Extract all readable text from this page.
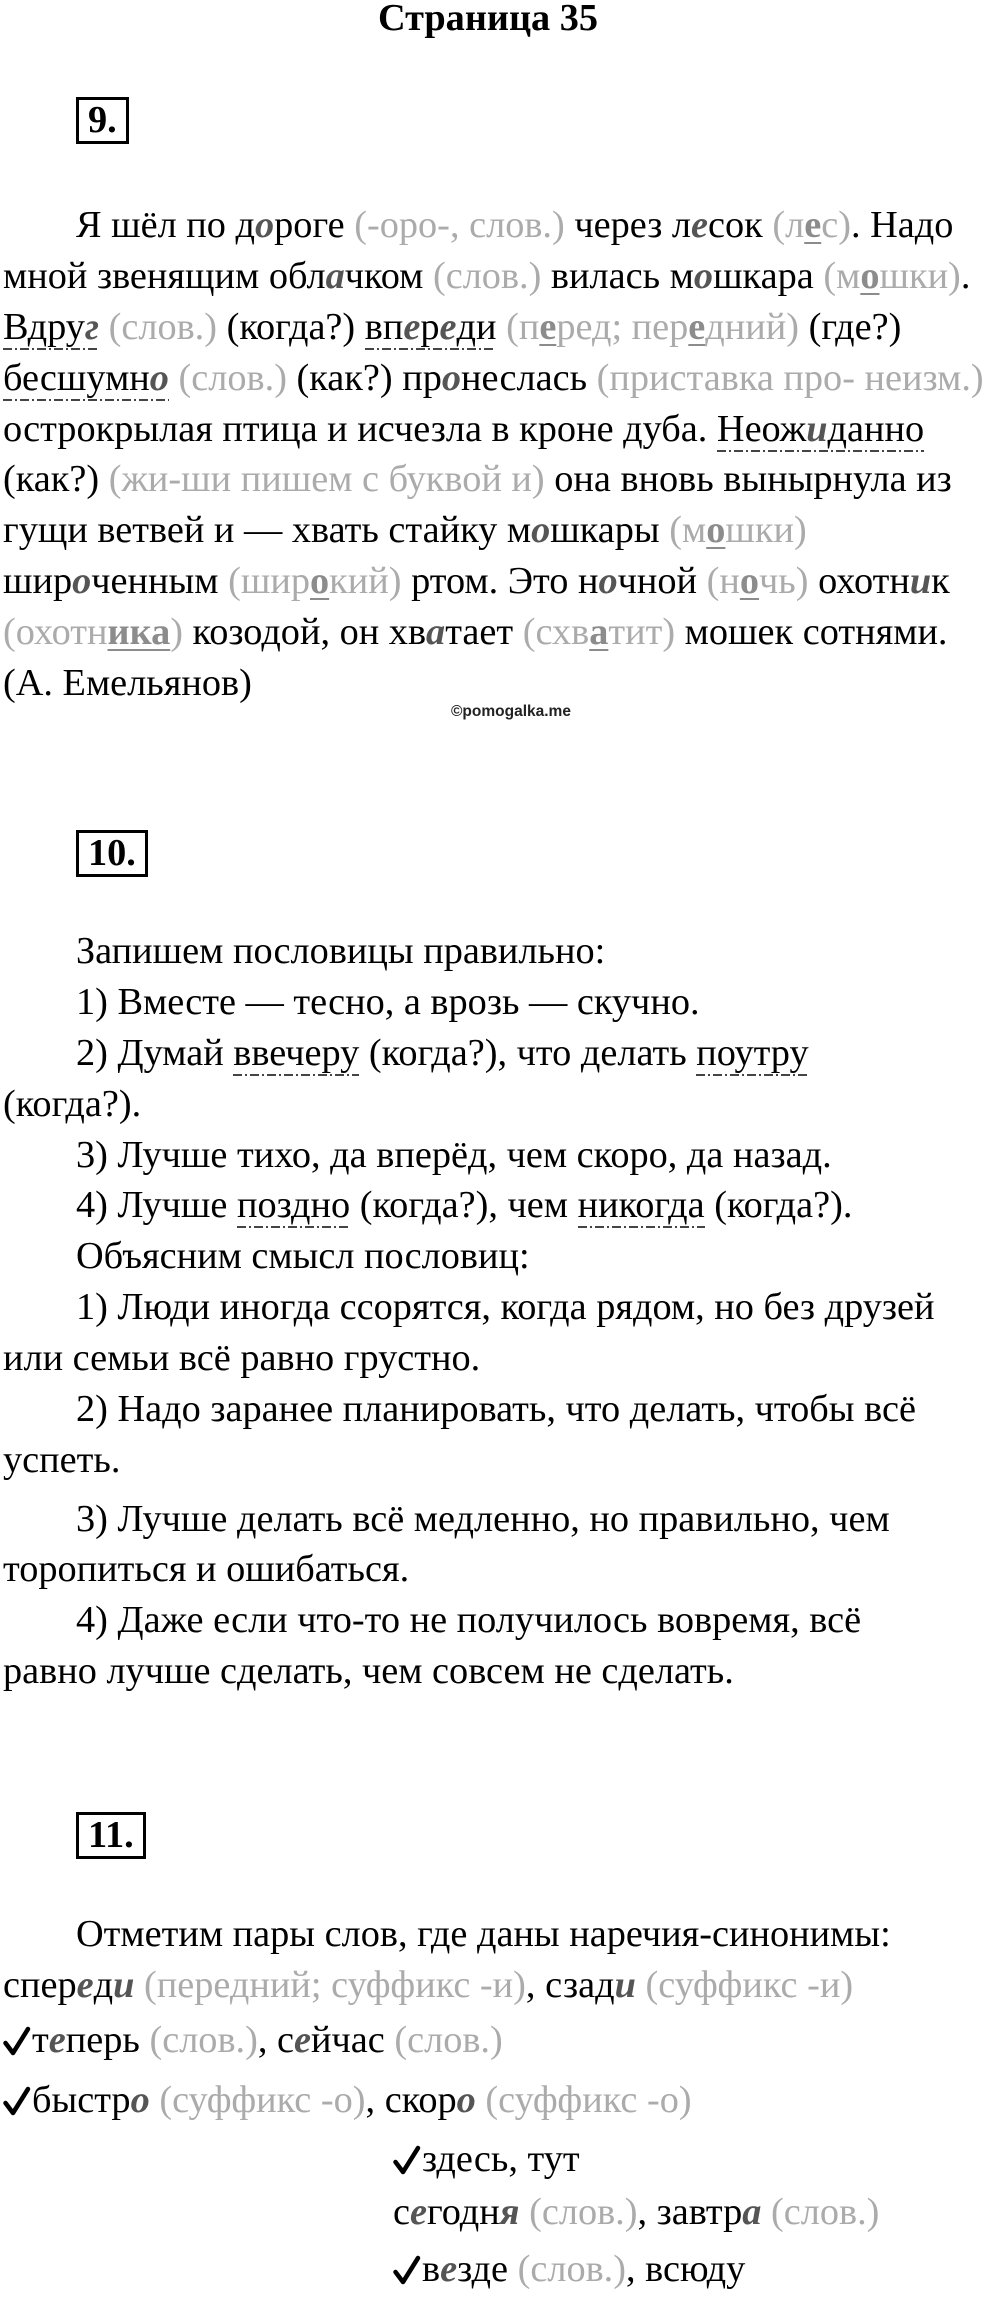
Страница 35
9.
Я шёл по дороге (-оро-, слов.) через лесок (лес). Надо
мной звенящим облачком (слов.) вилась мошкара (мошки).
Вдруг (слов.) (когда?) впереди (перед; передний) (где?)
бесшумно (слов.) (как?) пронеслась (приставка про- неизм.)
острокрылая птица и исчезла в кроне дуба. Неожиданно
(как?) (жи-ши пишем с буквой и) она вновь вынырнула из
гущи ветвей и — хвать стайку мошкары (мошки)
широченным (широкий) ртом. Это ночной (ночь) охотник
(охотника) козодой, он хватает (схватит) мошек сотнями.
(А. Емельянов)
©pomogalka.me
10.
Запишем пословицы правильно:
1) Вместе — тесно, а врозь — скучно.
2) Думай ввечеру (когда?), что делать поутру
(когда?).
3) Лучше тихо, да вперёд, чем скоро, да назад.
4) Лучше поздно (когда?), чем никогда (когда?).
Объясним смысл пословиц:
1) Люди иногда ссорятся, когда рядом, но без друзей
или семьи всё равно грустно.
2) Надо заранее планировать, что делать, чтобы всё
успеть.
3) Лучше делать всё медленно, но правильно, чем
торопиться и ошибаться.
4) Даже если что-то не получилось вовремя, всё
равно лучше сделать, чем совсем не сделать.
11.
Отметим пары слов, где даны наречия-синонимы:
спереди (передний; суффикс -и), сзади (суффикс -и)
теперь (слов.), сейчас (слов.)
быстро (суффикс -о), скоро (суффикс -о)
здесь, тут
сегодня (слов.), завтра (слов.)
везде (слов.), всюду
